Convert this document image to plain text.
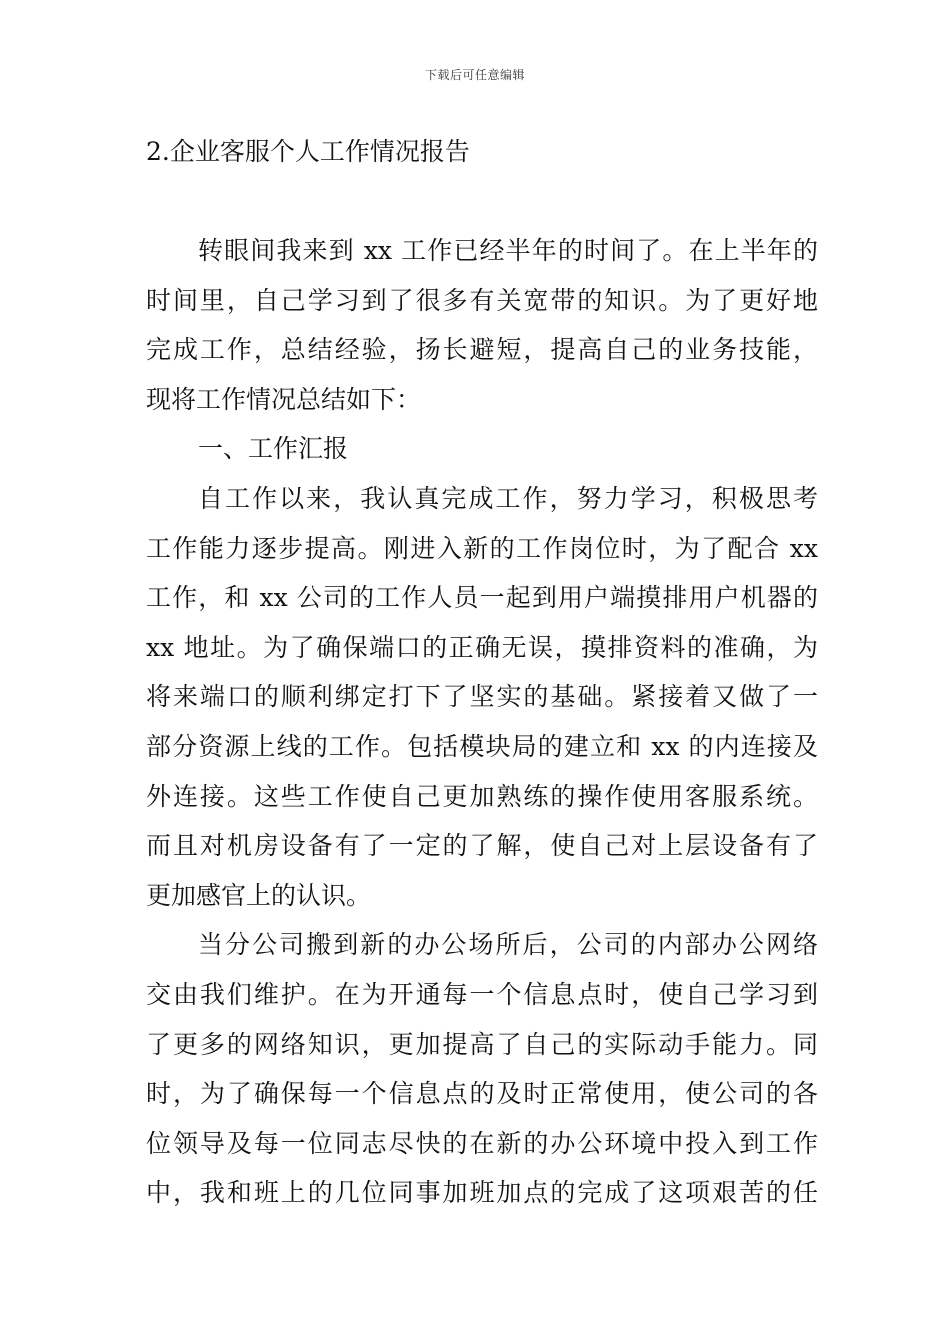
下载后可任意编辑
2.企业客服个人工作情况报告
转眼间我来到 xx 工作已经半年的时间了。在上半年的
时间里，自己学习到了很多有关宽带的知识。为了更好地
完成工作，总结经验，扬长避短，提高自己的业务技能，
现将工作情况总结如下：
一、工作汇报
自工作以来，我认真完成工作，努力学习，积极思考
工作能力逐步提高。刚进入新的工作岗位时，为了配合 xx
工作，和 xx 公司的工作人员一起到用户端摸排用户机器的
xx 地址。为了确保端口的正确无误，摸排资料的准确，为
将来端口的顺利绑定打下了坚实的基础。紧接着又做了一
部分资源上线的工作。包括模块局的建立和 xx 的内连接及
外连接。这些工作使自己更加熟练的操作使用客服系统。
而且对机房设备有了一定的了解，使自己对上层设备有了
更加感官上的认识。
当分公司搬到新的办公场所后，公司的内部办公网络
交由我们维护。在为开通每一个信息点时，使自己学习到
了更多的网络知识，更加提高了自己的实际动手能力。同
时，为了确保每一个信息点的及时正常使用，使公司的各
位领导及每一位同志尽快的在新的办公环境中投入到工作
中，我和班上的几位同事加班加点的完成了这项艰苦的任
